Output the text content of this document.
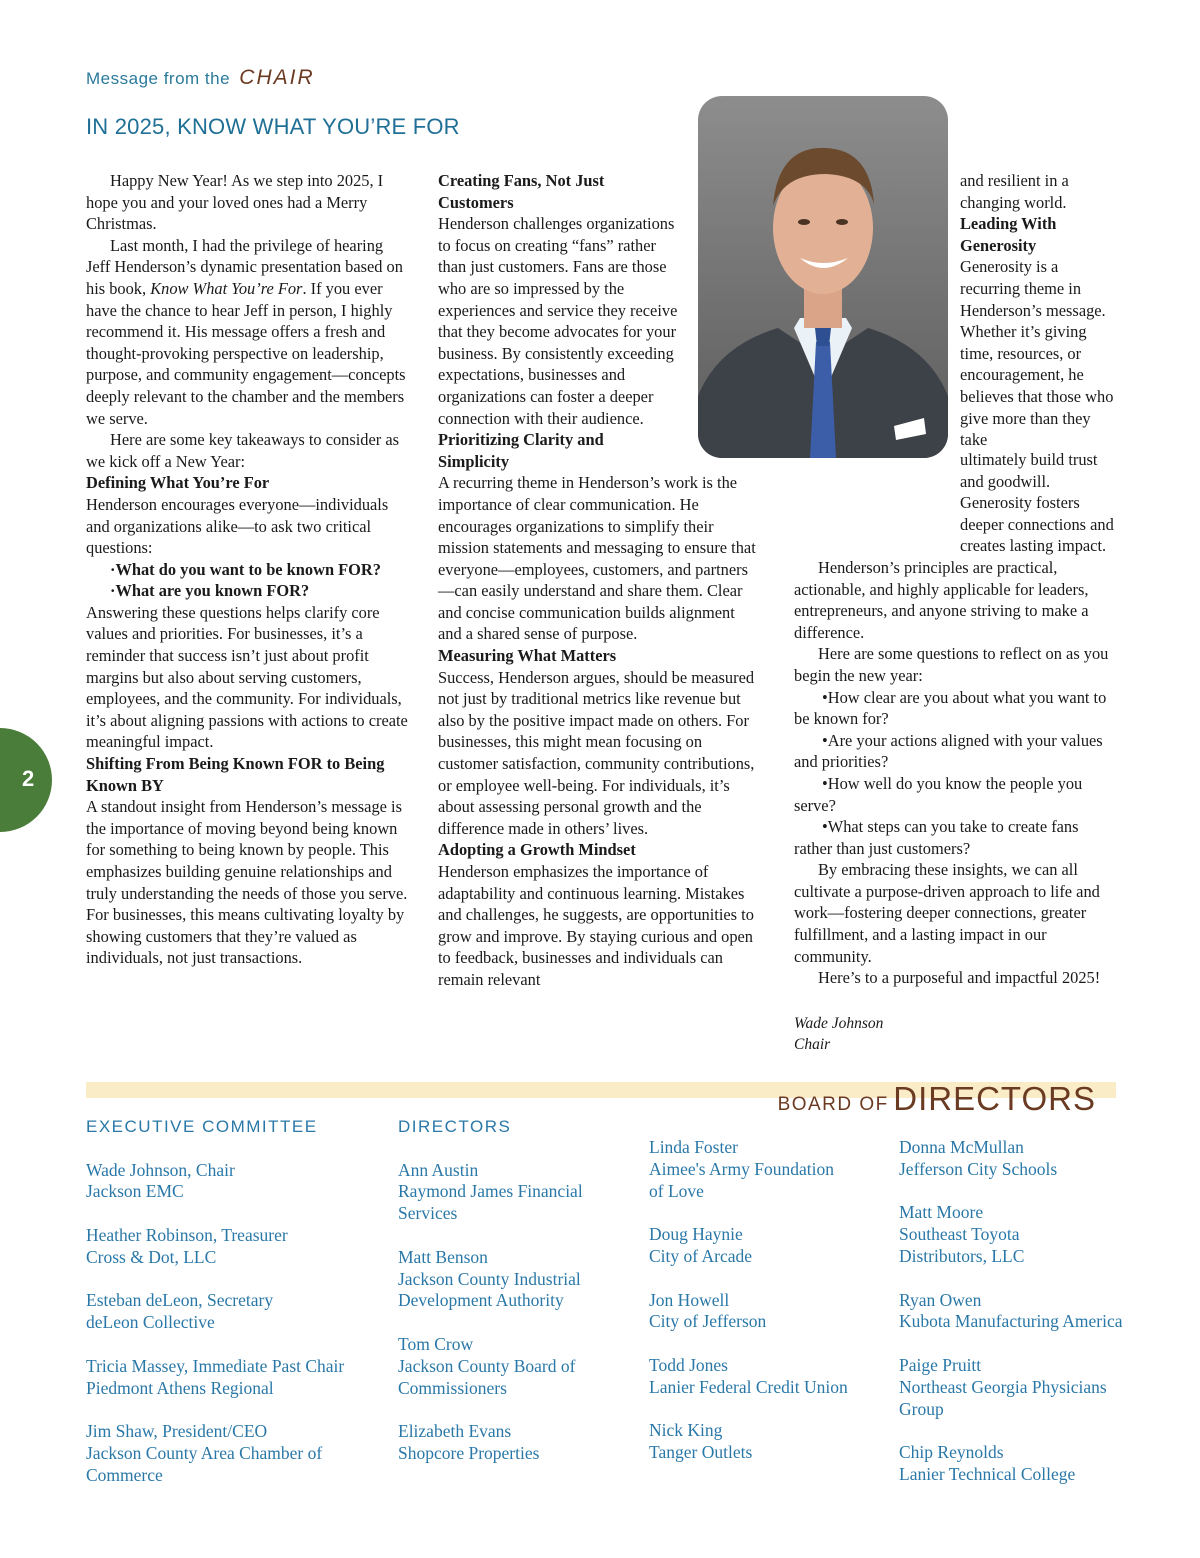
Message from the CHAIR
IN 2025, KNOW WHAT YOU’RE FOR

Happy New Year! As we step into 2025, I hope you and your loved ones had a Merry Christmas.

Last month, I had the privilege of hearing Jeff Henderson’s dynamic presentation based on his book, Know What You’re For. If you ever have the chance to hear Jeff in person, I highly recommend it. His message offers a fresh and thought-provoking perspective on leadership, purpose, and community engagement—concepts deeply relevant to the chamber and the members we serve.

Here are some key takeaways to consider as we kick off a New Year:

Defining What You’re For

Henderson encourages everyone—individuals and organizations alike—to ask two critical questions:

·What do you want to be known FOR?

·What are you known FOR?

Answering these questions helps clarify core values and priorities. For businesses, it’s a reminder that success isn’t just about profit margins but also about serving customers, employees, and the community. For individuals, it’s about aligning passions with actions to create meaningful impact.

Shifting From Being Known FOR to Being Known BY

A standout insight from Henderson’s message is the importance of moving beyond being known for something to being known by people. This emphasizes building genuine relationships and truly understanding the needs of those you serve. For businesses, this means cultivating loyalty by showing customers that they’re valued as individuals, not just transactions.

Creating Fans, Not Just Customers

Henderson challenges organizations to focus on creating “fans” rather than just customers. Fans are those who are so impressed by the experiences and service they receive that they become advocates for your business. By consistently exceeding expectations, businesses and organizations can foster a deeper connection with their audience.

Prioritizing Clarity and Simplicity

A recurring theme in Henderson’s work is the importance of clear communication. He encourages organizations to simplify their mission statements and messaging to ensure that everyone—employees, customers, and partners—can easily understand and share them. Clear and concise communication builds alignment and a shared sense of purpose.

Measuring What Matters

Success, Henderson argues, should be measured not just by traditional metrics like revenue but also by the positive impact made on others. For businesses, this might mean focusing on customer satisfaction, community contributions, or employee well-being. For individuals, it’s about assessing personal growth and the difference made in others’ lives.

Adopting a Growth Mindset

Henderson emphasizes the importance of adaptability and continuous learning. Mistakes and challenges, he suggests, are opportunities to grow and improve. By staying curious and open to feedback, businesses and individuals can remain relevant

and resilient in a changing world.

Leading With Generosity

Generosity is a recurring theme in Henderson’s message. Whether it’s giving time, resources, or encouragement, he believes that those who give more than they take

ultimately build trust and goodwill. Generosity fosters deeper connections and creates lasting impact.

Henderson’s principles are practical, actionable, and highly applicable for leaders, entrepreneurs, and anyone striving to make a difference.

Here are some questions to reflect on as you begin the new year:

•How clear are you about what you want to be known for?

•Are your actions aligned with your values and priorities?

•How well do you know the people you serve?

•What steps can you take to create fans rather than just customers?

By embracing these insights, we can all cultivate a purpose-driven approach to life and work—fostering deeper connections, greater fulfillment, and a lasting impact in our community.

Here’s to a purposeful and impactful 2025!

Wade Johnson

Chair

2
BOARD OF DIRECTORS
EXECUTIVE COMMITTEE
Wade Johnson, Chair
Jackson EMC
Heather Robinson, Treasurer
Cross & Dot, LLC
Esteban deLeon, Secretary
deLeon Collective
Tricia Massey, Immediate Past Chair
Piedmont Athens Regional
Jim Shaw, President/CEO
Jackson County Area Chamber of Commerce
DIRECTORS
Ann Austin
Raymond James Financial Services
Matt Benson
Jackson County Industrial Development Authority
Tom Crow
Jackson County Board of Commissioners
Elizabeth Evans
Shopcore Properties
Linda Foster
Aimee's Army Foundation of Love
Doug Haynie
City of Arcade
Jon Howell
City of Jefferson
Todd Jones
Lanier Federal Credit Union
Nick King
Tanger Outlets
Donna McMullan
Jefferson City Schools
Matt Moore
Southeast Toyota Distributors, LLC
Ryan Owen
Kubota Manufacturing America
Paige Pruitt
Northeast Georgia Physicians Group
Chip Reynolds
Lanier Technical College
